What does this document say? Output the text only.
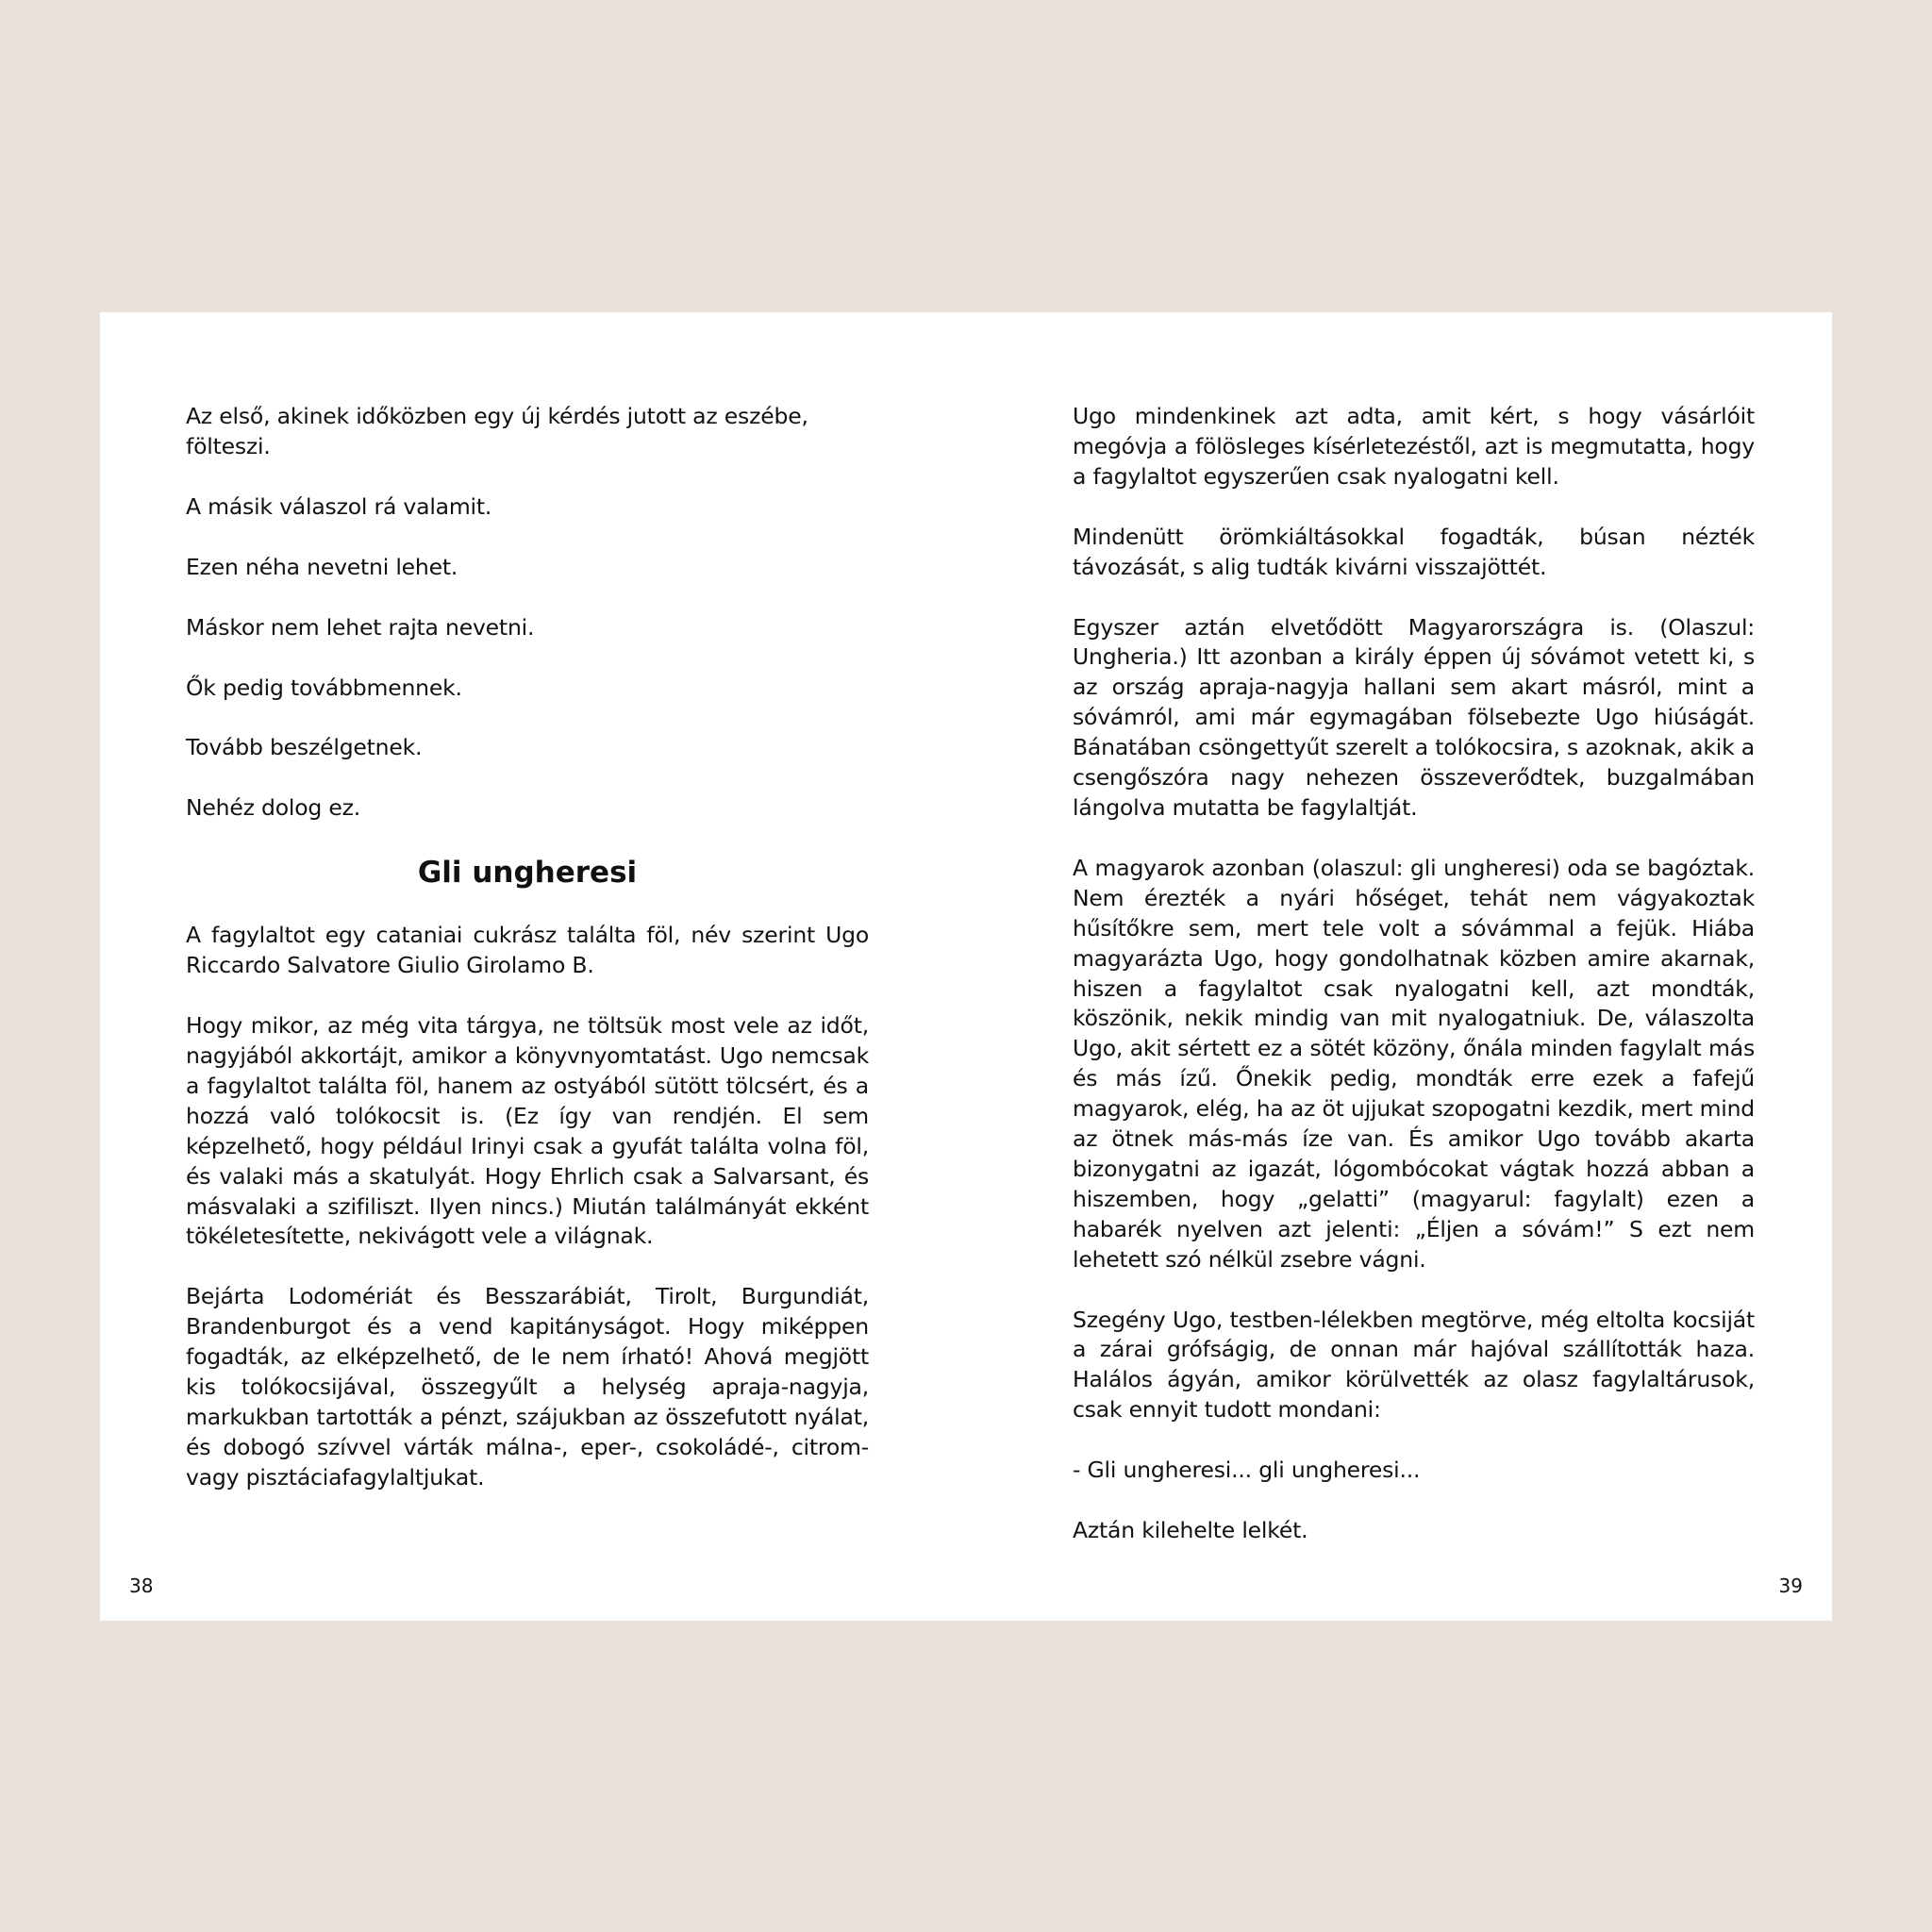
Az első, akinek időközben egy új kérdés jutott az eszébe, fölteszi.

A másik válaszol rá valamit.

Ezen néha nevetni lehet.

Máskor nem lehet rajta nevetni.

Ők pedig továbbmennek.

Tovább beszélgetnek.

Nehéz dolog ez.

Gli ungheresi

A fagylaltot egy cataniai cukrász találta föl, név szerint Ugo Riccardo Salvatore Giulio Girolamo B.

Hogy mikor, az még vita tárgya, ne töltsük most vele az időt, nagyjából akkortájt, amikor a könyvnyomtatást. Ugo nemcsak a fagylaltot találta föl, hanem az ostyából sütött tölcsért, és a hozzá való tolókocsit is. (Ez így van rendjén. El sem képzelhető, hogy például Irinyi csak a gyufát találta volna föl, és valaki más a skatulyát. Hogy Ehrlich csak a Salvarsant, és másvalaki a szifiliszt. Ilyen nincs.) Miután találmányát ekként tökéletesítette, nekivágott vele a világnak.

Bejárta Lodomériát és Besszarábiát, Tirolt, Burgundiát, Brandenburgot és a vend kapitányságot. Hogy miképpen fogadták, az elképzelhető, de le nem írható! Ahová megjött kis tolókocsijával, összegyűlt a helység apraja-nagyja, markukban tartották a pénzt, szájukban az összefutott nyálat, és dobogó szívvel várták málna-, eper-, csokoládé-, citrom- vagy pisztáciafagylaltjukat.

Ugo mindenkinek azt adta, amit kért, s hogy vásárlóit megóvja a fölösleges kísérletezéstől, azt is megmutatta, hogy a fagylaltot egyszerűen csak nyalogatni kell.

Mindenütt örömkiáltásokkal fogadták, búsan nézték távozását, s alig tudták kivárni visszajöttét.

Egyszer aztán elvetődött Magyarországra is. (Olaszul: Ungheria.) Itt azonban a király éppen új sóvámot vetett ki, s az ország apraja-nagyja hallani sem akart másról, mint a sóvámról, ami már egymagában fölsebezte Ugo hiúságát. Bánatában csöngettyűt szerelt a tolókocsira, s azoknak, akik a csengőszóra nagy nehezen összeverődtek, buzgalmában lángolva mutatta be fagylaltját.

A magyarok azonban (olaszul: gli ungheresi) oda se bagóztak. Nem érezték a nyári hőséget, tehát nem vágyakoztak hűsítőkre sem, mert tele volt a sóvámmal a fejük. Hiába magyarázta Ugo, hogy gondolhatnak közben amire akarnak, hiszen a fagylaltot csak nyalogatni kell, azt mondták, köszönik, nekik mindig van mit nyalogatniuk. De, válaszolta Ugo, akit sértett ez a sötét közöny, őnála minden fagylalt más és más ízű. Őnekik pedig, mondták erre ezek a fafejű magyarok, elég, ha az öt ujjukat szopogatni kezdik, mert mind az ötnek más-más íze van. És amikor Ugo tovább akarta bizonygatni az igazát, lógombócokat vágtak hozzá abban a hiszemben, hogy „gelatti” (magyarul: fagylalt) ezen a habarék nyelven azt jelenti: „Éljen a sóvám!” S ezt nem lehetett szó nélkül zsebre vágni.

Szegény Ugo, testben-lélekben megtörve, még eltolta kocsiját a zárai grófságig, de onnan már hajóval szállították haza. Halálos ágyán, amikor körülvették az olasz fagylaltárusok, csak ennyit tudott mondani:

- Gli ungheresi... gli ungheresi...

Aztán kilehelte lelkét.

38	39
